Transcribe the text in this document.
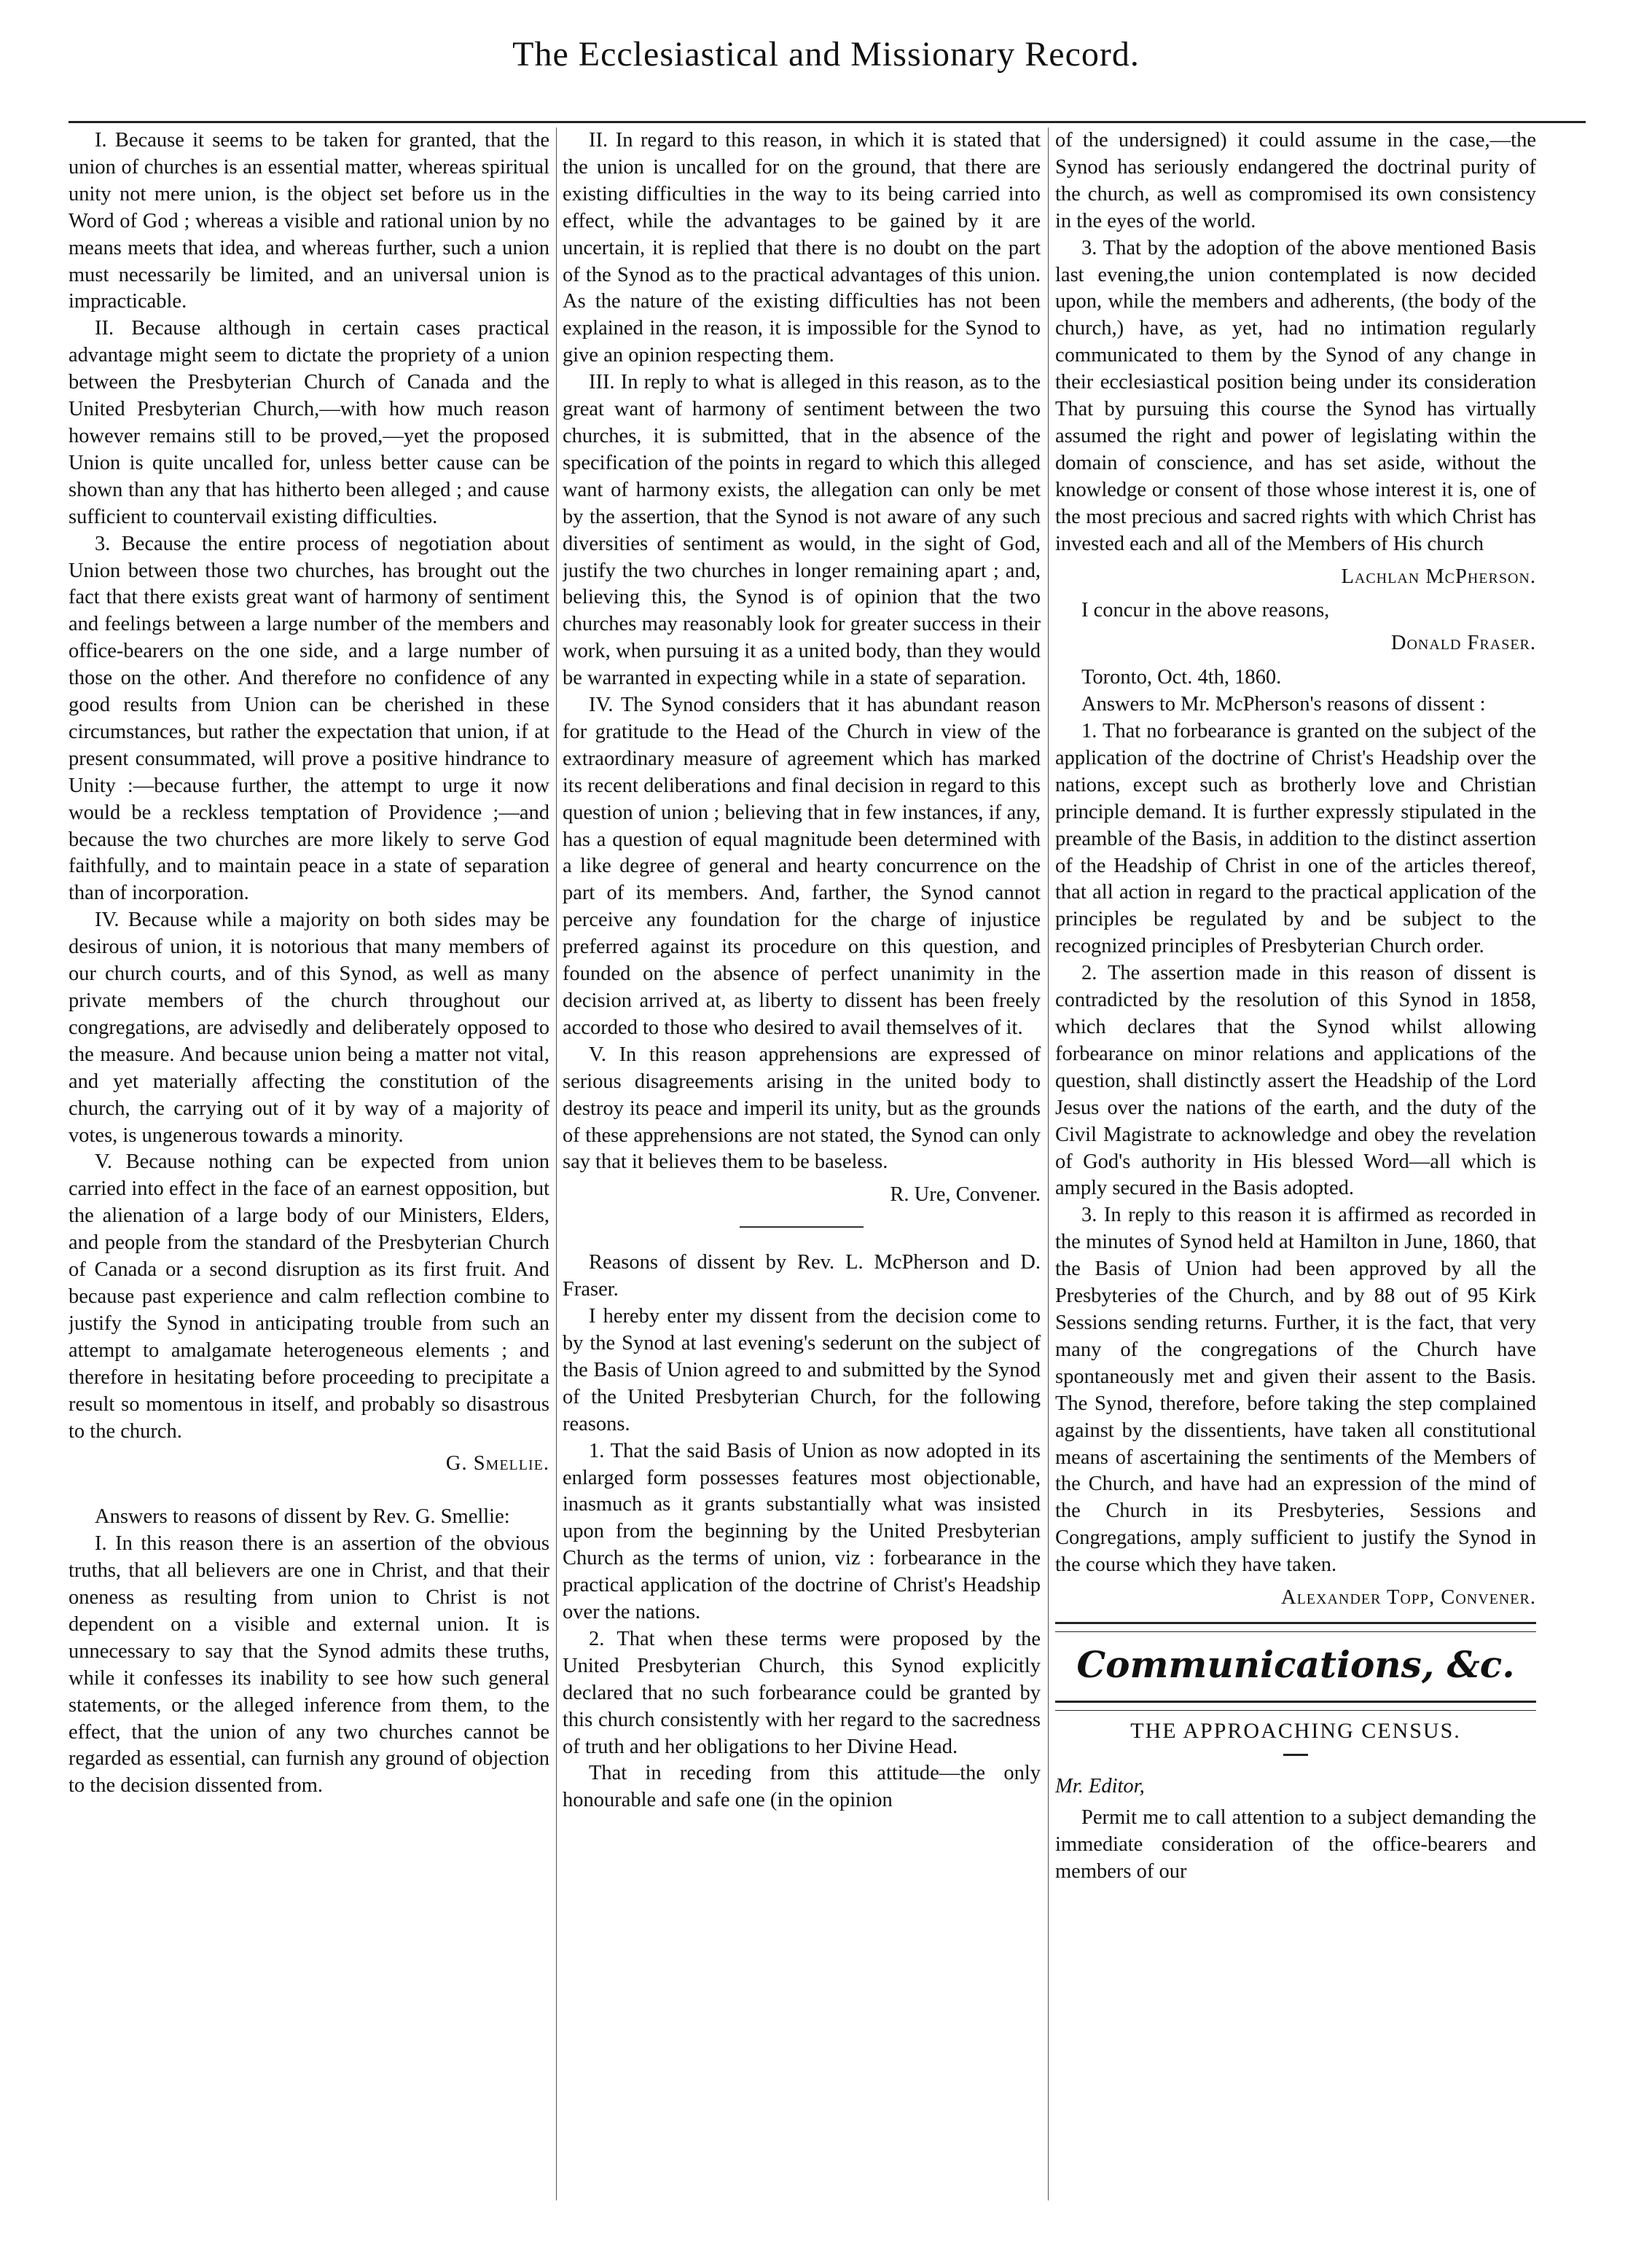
The Ecclesiastical and Missionary Record.

I. Because it seems to be taken for granted, that the union of churches is an essential matter, whereas spiritual unity not mere union, is the object set before us in the Word of God ; whereas a visible and rational union by no means meets that idea, and whereas further, such a union must necessarily be limited, and an universal union is impracticable.

II. Because although in certain cases practical advantage might seem to dictate the propriety of a union between the Presbyterian Church of Canada and the United Presbyterian Church,—with how much reason however remains still to be proved,—yet the proposed Union is quite uncalled for, unless better cause can be shown than any that has hitherto been alleged ; and cause sufficient to countervail existing difficulties.

3. Because the entire process of negotiation about Union between those two churches, has brought out the fact that there exists great want of harmony of sentiment and feelings between a large number of the members and office-bearers on the one side, and a large number of those on the other. And therefore no confidence of any good results from Union can be cherished in these circumstances, but rather the expectation that union, if at present consummated, will prove a positive hindrance to Unity :—because further, the attempt to urge it now would be a reckless temptation of Providence ;—and because the two churches are more likely to serve God faithfully, and to maintain peace in a state of separation than of incorporation.

IV. Because while a majority on both sides may be desirous of union, it is notorious that many members of our church courts, and of this Synod, as well as many private members of the church throughout our congregations, are advisedly and deliberately opposed to the measure. And because union being a matter not vital, and yet materially affecting the constitution of the church, the carrying out of it by way of a majority of votes, is ungenerous towards a minority.

V. Because nothing can be expected from union carried into effect in the face of an earnest opposition, but the alienation of a large body of our Ministers, Elders, and people from the standard of the Presbyterian Church of Canada or a second disruption as its first fruit. And because past experience and calm reflection combine to justify the Synod in anticipating trouble from such an attempt to amalgamate heterogeneous elements ; and therefore in hesitating before proceeding to precipitate a result so momentous in itself, and probably so disastrous to the church.

G. Smellie.

Answers to reasons of dissent by Rev. G. Smellie:

I. In this reason there is an assertion of the obvious truths, that all believers are one in Christ, and that their oneness as resulting from union to Christ is not dependent on a visible and external union. It is unnecessary to say that the Synod admits these truths, while it confesses its inability to see how such general statements, or the alleged inference from them, to the effect, that the union of any two churches cannot be regarded as essential, can furnish any ground of objection to the decision dissented from.

II. In regard to this reason, in which it is stated that the union is uncalled for on the ground, that there are existing difficulties in the way to its being carried into effect, while the advantages to be gained by it are uncertain, it is replied that there is no doubt on the part of the Synod as to the practical advantages of this union. As the nature of the existing difficulties has not been explained in the reason, it is impossible for the Synod to give an opinion respecting them.

III. In reply to what is alleged in this reason, as to the great want of harmony of sentiment between the two churches, it is submitted, that in the absence of the specification of the points in regard to which this alleged want of harmony exists, the allegation can only be met by the assertion, that the Synod is not aware of any such diversities of sentiment as would, in the sight of God, justify the two churches in longer remaining apart ; and, believing this, the Synod is of opinion that the two churches may reasonably look for greater success in their work, when pursuing it as a united body, than they would be warranted in expecting while in a state of separation.

IV. The Synod considers that it has abundant reason for gratitude to the Head of the Church in view of the extraordinary measure of agreement which has marked its recent deliberations and final decision in regard to this question of union ; believing that in few instances, if any, has a question of equal magnitude been determined with a like degree of general and hearty concurrence on the part of its members. And, farther, the Synod cannot perceive any foundation for the charge of injustice preferred against its procedure on this question, and founded on the absence of perfect unanimity in the decision arrived at, as liberty to dissent has been freely accorded to those who desired to avail themselves of it.

V. In this reason apprehensions are expressed of serious disagreements arising in the united body to destroy its peace and imperil its unity, but as the grounds of these apprehensions are not stated, the Synod can only say that it believes them to be baseless.

R. Ure, Convener.

Reasons of dissent by Rev. L. McPherson and D. Fraser.

I hereby enter my dissent from the decision come to by the Synod at last evening's sederunt on the subject of the Basis of Union agreed to and submitted by the Synod of the United Presbyterian Church, for the following reasons.

1. That the said Basis of Union as now adopted in its enlarged form possesses features most objectionable, inasmuch as it grants substantially what was insisted upon from the beginning by the United Presbyterian Church as the terms of union, viz : forbearance in the practical application of the doctrine of Christ's Headship over the nations.

2. That when these terms were proposed by the United Presbyterian Church, this Synod explicitly declared that no such forbearance could be granted by this church consistently with her regard to the sacredness of truth and her obligations to her Divine Head.

That in receding from this attitude—the only honourable and safe one (in the opinion

of the undersigned) it could assume in the case,—the Synod has seriously endangered the doctrinal purity of the church, as well as compromised its own consistency in the eyes of the world.

3. That by the adoption of the above mentioned Basis last evening,the union contemplated is now decided upon, while the members and adherents, (the body of the church,) have, as yet, had no intimation regularly communicated to them by the Synod of any change in their ecclesiastical position being under its consideration That by pursuing this course the Synod has virtually assumed the right and power of legislating within the domain of conscience, and has set aside, without the knowledge or consent of those whose interest it is, one of the most precious and sacred rights with which Christ has invested each and all of the Members of His church

Lachlan McPherson.

I concur in the above reasons,

Donald Fraser.
Toronto, Oct. 4th, 1860.

Answers to Mr. McPherson's reasons of dissent :

1. That no forbearance is granted on the subject of the application of the doctrine of Christ's Headship over the nations, except such as brotherly love and Christian principle demand. It is further expressly stipulated in the preamble of the Basis, in addition to the distinct assertion of the Headship of Christ in one of the articles thereof, that all action in regard to the practical application of the principles be regulated by and be subject to the recognized principles of Presbyterian Church order.

2. The assertion made in this reason of dissent is contradicted by the resolution of this Synod in 1858, which declares that the Synod whilst allowing forbearance on minor relations and applications of the question, shall distinctly assert the Headship of the Lord Jesus over the nations of the earth, and the duty of the Civil Magistrate to acknowledge and obey the revelation of God's authority in His blessed Word—all which is amply secured in the Basis adopted.

3. In reply to this reason it is affirmed as recorded in the minutes of Synod held at Hamilton in June, 1860, that the Basis of Union had been approved by all the Presbyteries of the Church, and by 88 out of 95 Kirk Sessions sending returns. Further, it is the fact, that very many of the congregations of the Church have spontaneously met and given their assent to the Basis. The Synod, therefore, before taking the step complained against by the dissentients, have taken all constitutional means of ascertaining the sentiments of the Members of the Church, and have had an expression of the mind of the Church in its Presbyteries, Sessions and Congregations, amply sufficient to justify the Synod in the course which they have taken.

Alexander Topp, Convener.
Communications, &c.
THE APPROACHING CENSUS.

Mr. Editor,

Permit me to call attention to a subject demanding the immediate consideration of the office-bearers and members of our
